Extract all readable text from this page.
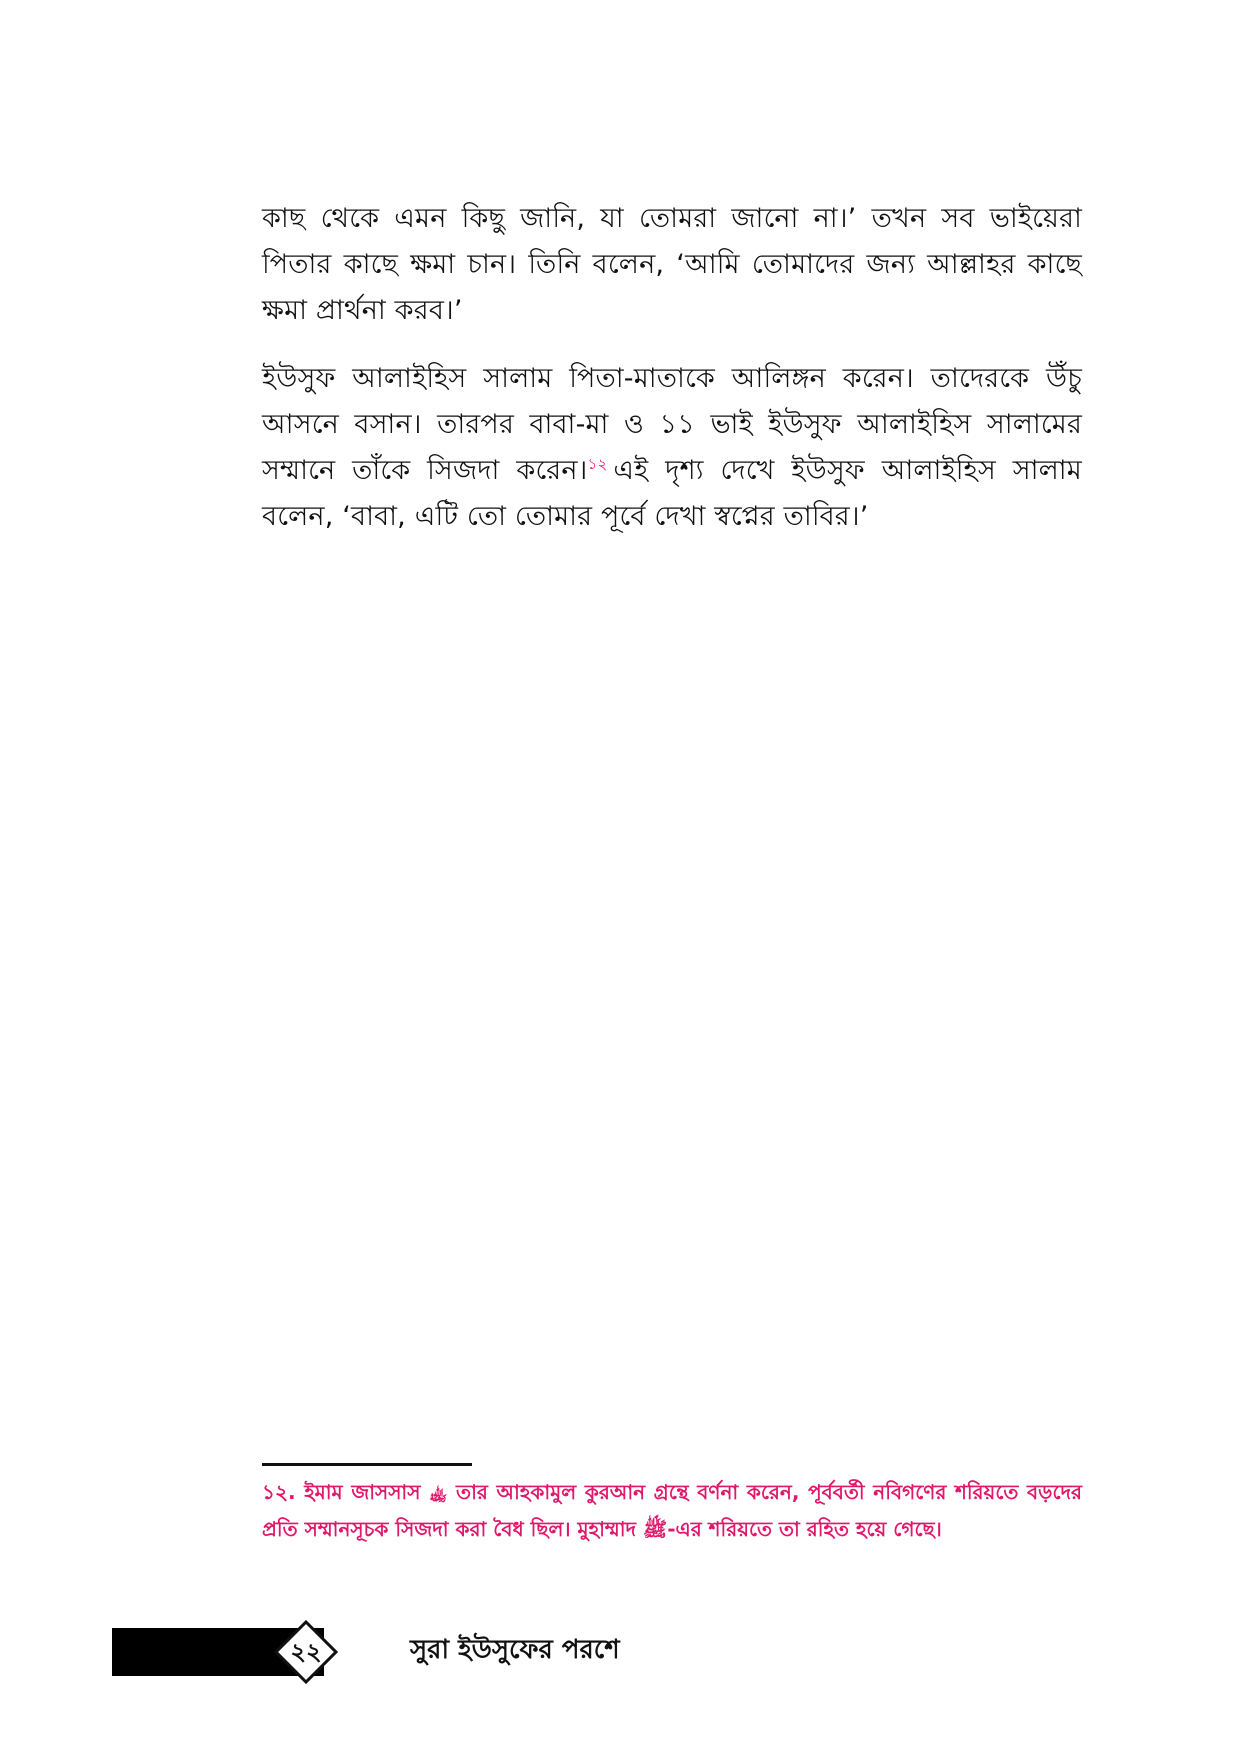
কাছ থেকে এমন কিছু জানি, যা তোমরা জানো না।’ তখন সব ভাইয়েরা পিতার কাছে ক্ষমা চান। তিনি বলেন, ‘আমি তোমাদের জন্য আল্লাহর কাছে ক্ষমা প্রার্থনা করব।’

ইউসুফ আলাইহিস সালাম পিতা-মাতাকে আলিঙ্গন করেন। তাদেরকে উঁচু আসনে বসান। তারপর বাবা-মা ও ১১ ভাই ইউসুফ আলাইহিস সালামের সম্মানে তাঁকে সিজদা করেন।$^{১২}$ এই দৃশ্য দেখে ইউসুফ আলাইহিস সালাম বলেন, ‘বাবা, এটি তো তোমার পূর্বে দেখা স্বপ্নের তাবির।’

১২. ইমাম জাসসাস ﵀ তার আহকামুল কুরআন গ্রন্থে বর্ণনা করেন, পূর্ববর্তী নবিগণের শরিয়তে বড়দের প্রতি সম্মানসূচক সিজদা করা বৈধ ছিল। মুহাম্মাদ ﷺ-এর শরিয়তে তা রহিত হয়ে গেছে।

২২	সুরা ইউসুফের পরশে
